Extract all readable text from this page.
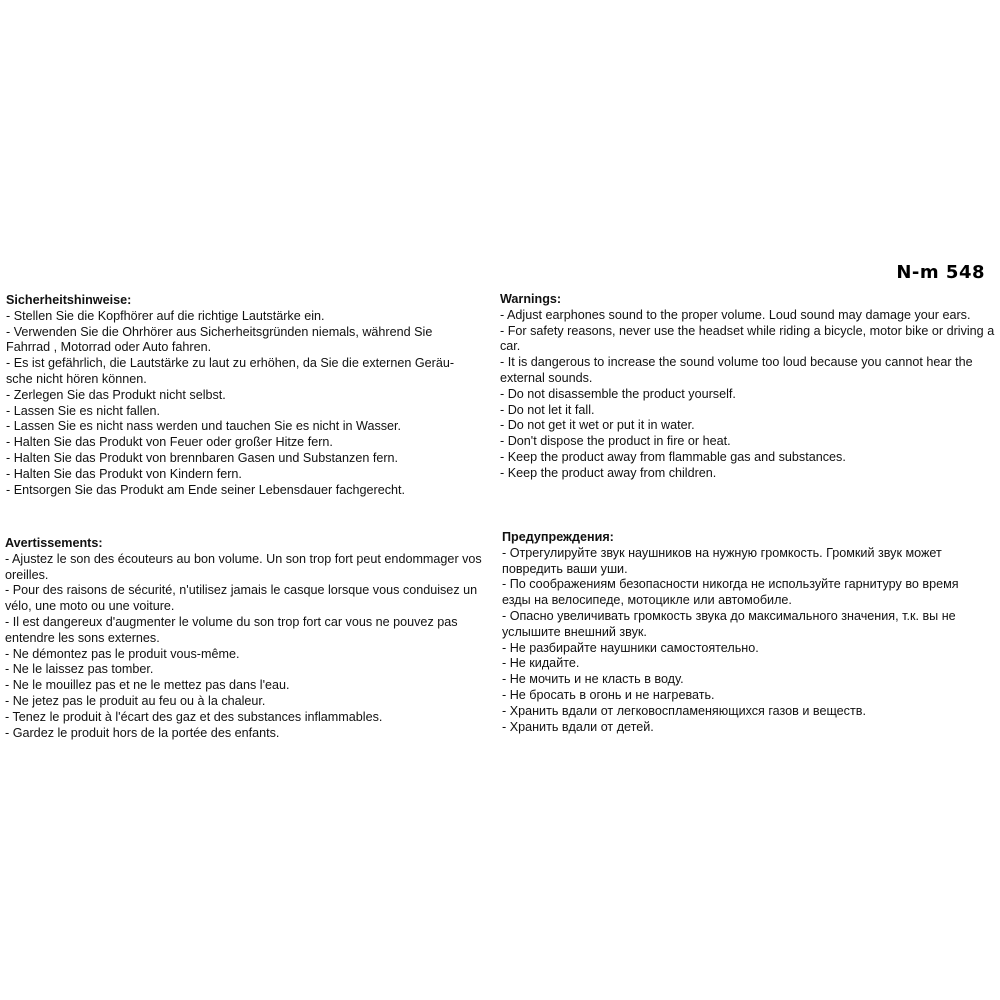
N-m 548

Sicherheitshinweise:

- Stellen Sie die Kopfhörer auf die richtige Lautstärke ein.
- Verwenden Sie die Ohrhörer aus Sicherheitsgründen niemals, während Sie Fahrrad , Motorrad oder Auto fahren.
- Es ist gefährlich, die Lautstärke zu laut zu erhöhen, da Sie die externen Geräu- sche nicht hören können.
- Zerlegen Sie das Produkt nicht selbst.
- Lassen Sie es nicht fallen.
- Lassen Sie es nicht nass werden und tauchen Sie es nicht in Wasser.
- Halten Sie das Produkt von Feuer oder großer Hitze fern.
- Halten Sie das Produkt von brennbaren Gasen und Substanzen fern.
- Halten Sie das Produkt von Kindern fern.
- Entsorgen Sie das Produkt am Ende seiner Lebensdauer fachgerecht.

Warnings:

- Adjust earphones sound to the proper volume. Loud sound may damage your ears.
- For safety reasons, never use the headset while riding a bicycle, motor bike or driving a car.
- It is dangerous to increase the sound volume too loud because you cannot hear the external sounds.
- Do not disassemble the product yourself.
- Do not let it fall.
- Do not get it wet or put it in water.
- Don't dispose the product in fire or heat.
- Keep the product away from flammable gas and substances.
- Keep the product away from children.

Avertissements:

- Ajustez le son des écouteurs au bon volume. Un son trop fort peut endommager vos oreilles.
- Pour des raisons de sécurité, n'utilisez jamais le casque lorsque vous conduisez un vélo, une moto ou une voiture.
- Il est dangereux d'augmenter le volume du son trop fort car vous ne pouvez pas entendre les sons externes.
- Ne démontez pas le produit vous-même.
- Ne le laissez pas tomber.
- Ne le mouillez pas et ne le mettez pas dans l'eau.
- Ne jetez pas le produit au feu ou à la chaleur.
- Tenez le produit à l'écart des gaz et des substances inflammables.
- Gardez le produit hors de la portée des enfants.

Предупреждения:

- Отрегулируйте звук наушников на нужную громкость. Громкий звук может повредить ваши уши.
- По соображениям безопасности никогда не используйте гарнитуру во время езды на велосипеде, мотоцикле или автомобиле.
- Опасно увеличивать громкость звука до максимального значения, т.к. вы не услышите внешний звук.
- Не разбирайте наушники самостоятельно.
- Не кидайте.
- Не мочить и не класть в воду.
- Не бросать в огонь и не нагревать.
- Хранить вдали от легковоспламеняющихся газов и веществ.
- Хранить вдали от детей.
